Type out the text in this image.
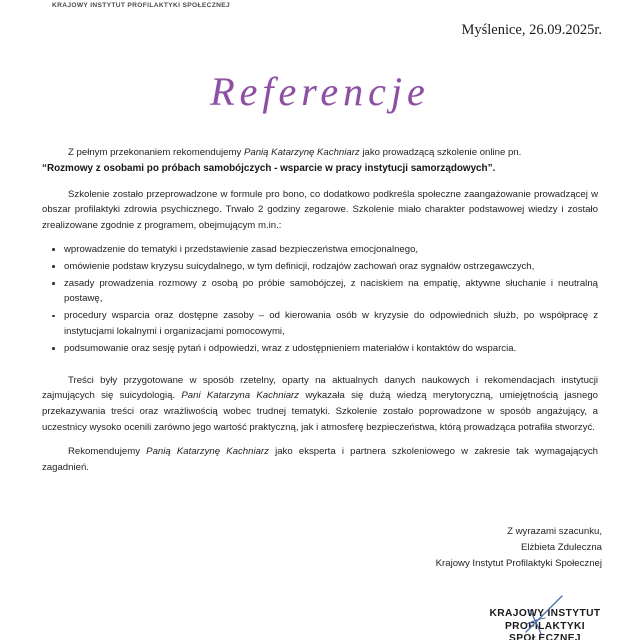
KRAJOWY INSTYTUT PROFILAKTYKI SPOŁECZNEJ
Myślenice, 26.09.2025r.
Referencje

Z pełnym przekonaniem rekomendujemy Panią Katarzynę Kachniarz jako prowadzącą szkolenie online pn.

“Rozmowy z osobami po próbach samobójczych - wsparcie w pracy instytucji samorządowych”.

Szkolenie zostało przeprowadzone w formule pro bono, co dodatkowo podkreśla społeczne zaangażowanie prowadzącej w obszar profilaktyki zdrowia psychicznego. Trwało 2 godziny zegarowe. Szkolenie miało charakter podstawowej wiedzy i zostało zrealizowane zgodnie z programem, obejmującym m.in.:

wprowadzenie do tematyki i przedstawienie zasad bezpieczeństwa emocjonalnego,
omówienie podstaw kryzysu suicydalnego, w tym definicji, rodzajów zachowań oraz sygnałów ostrzegawczych,
zasady prowadzenia rozmowy z osobą po próbie samobójczej, z naciskiem na empatię, aktywne słuchanie i neutralną postawę,
procedury wsparcia oraz dostępne zasoby – od kierowania osób w kryzysie do odpowiednich służb, po współpracę z instytucjami lokalnymi i organizacjami pomocowymi,
podsumowanie oraz sesję pytań i odpowiedzi, wraz z udostępnieniem materiałów i kontaktów do wsparcia.

Treści były przygotowane w sposób rzetelny, oparty na aktualnych danych naukowych i rekomendacjach instytucji zajmujących się suicydologią. Pani Katarzyna Kachniarz wykazała się dużą wiedzą merytoryczną, umiejętnością jasnego przekazywania treści oraz wrażliwością wobec trudnej tematyki. Szkolenie zostało poprowadzone w sposób angażujący, a uczestnicy wysoko ocenili zarówno jego wartość praktyczną, jak i atmosferę bezpieczeństwa, którą prowadząca potrafiła stworzyć.

Rekomendujemy Panią Katarzynę Kachniarz jako eksperta i partnera szkoleniowego w zakresie tak wymagających zagadnień.

Z wyrazami szacunku,
Elżbieta Zduleczna
Krajowy Instytut Profilaktyki Społecznej
KRAJOWY INSTYTUT
PROFILAKTYKI SPOŁECZNEJ
